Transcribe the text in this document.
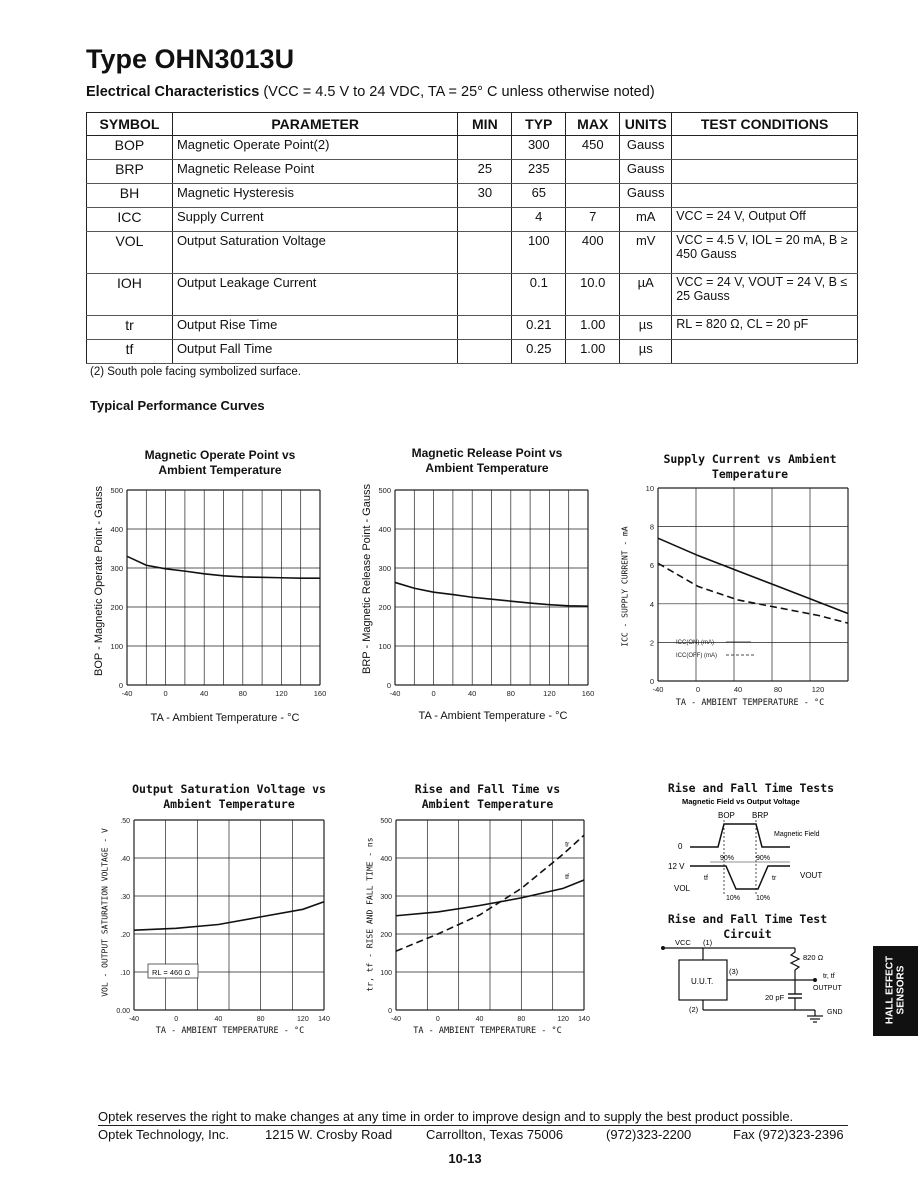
Type OHN3013U
Electrical Characteristics (VCC = 4.5 V to 24 VDC, TA = 25° C unless otherwise noted)
SYMBOL	PARAMETER	MIN	TYP	MAX	UNITS	TEST CONDITIONS
BOP	Magnetic Operate Point(2)		300	450	Gauss	
BRP	Magnetic Release Point	25	235		Gauss	
BH	Magnetic Hysteresis	30	65		Gauss	
ICC	Supply Current		4	7	mA	VCC = 24 V, Output Off
VOL	Output Saturation Voltage		100	400	mV	VCC = 4.5 V, IOL = 20 mA, B ≥ 450 Gauss
IOH	Output Leakage Current		0.1	10.0	µA	VCC = 24 V, VOUT = 24 V, B ≤ 25 Gauss
tr	Output Rise Time		0.21	1.00	µs	RL = 820 Ω, CL = 20 pF
tf	Output Fall Time		0.25	1.00	µs	
(2) South pole facing symbolized surface.
Typical Performance Curves
Magnetic Operate Point vs Ambient Temperature
BOP - Magnetic Operate Point - Gauss 500
400
300
200
100
0
-40	0	40	80	120	160
TA - Ambient Temperature - °C
Magnetic Release Point vs Ambient Temperature
BRP - Magnetic Release Point - Gauss 500
400
300
200
100
0
-40	0	40	80	120	160
TA - Ambient Temperature - °C
Supply Current vs Ambient Temperature
ICC - SUPPLY CURRENT - mA
10
8
6
4
2
0
-40	0	40	80	120
ICC(ON) (mA)
ICC(OFF) (mA)
TA - AMBIENT TEMPERATURE - °C
Output Saturation Voltage vs Ambient Temperature
VOL - OUTPUT SATURATION VOLTAGE - V
.50
.40
.30
.20
.10
0.00
-40	0	40	80	120 140
RL = 460 Ω
TA - AMBIENT TEMPERATURE - °C
Rise and Fall Time vs Ambient Temperature
tr, tf - RISE AND FALL TIME - ns
500
400
300
200
100
0
-40	0	40	80	120 140
tr
tf
TA - AMBIENT TEMPERATURE - °C
Rise and Fall Time Tests
Magnetic Field vs Output Voltage
BOP BRP
0
Magnetic Field
90%	90%
12 V
tf	tr	VOUT
VOL
10% 10%
Rise and Fall Time Test Circuit
VCC (1)
U.U.T.
(3)
820 Ω
tr, tf
OUTPUT
20 pF
(2)	GND	HALL EFFECT SENSORS
Optek reserves the right to make changes at any time in order to improve design and to supply the best product possible.
Optek Technology, Inc.	1215 W. Crosby Road	Carrollton, Texas 75006	(972)323-2200	Fax (972)323-2396
10-13
